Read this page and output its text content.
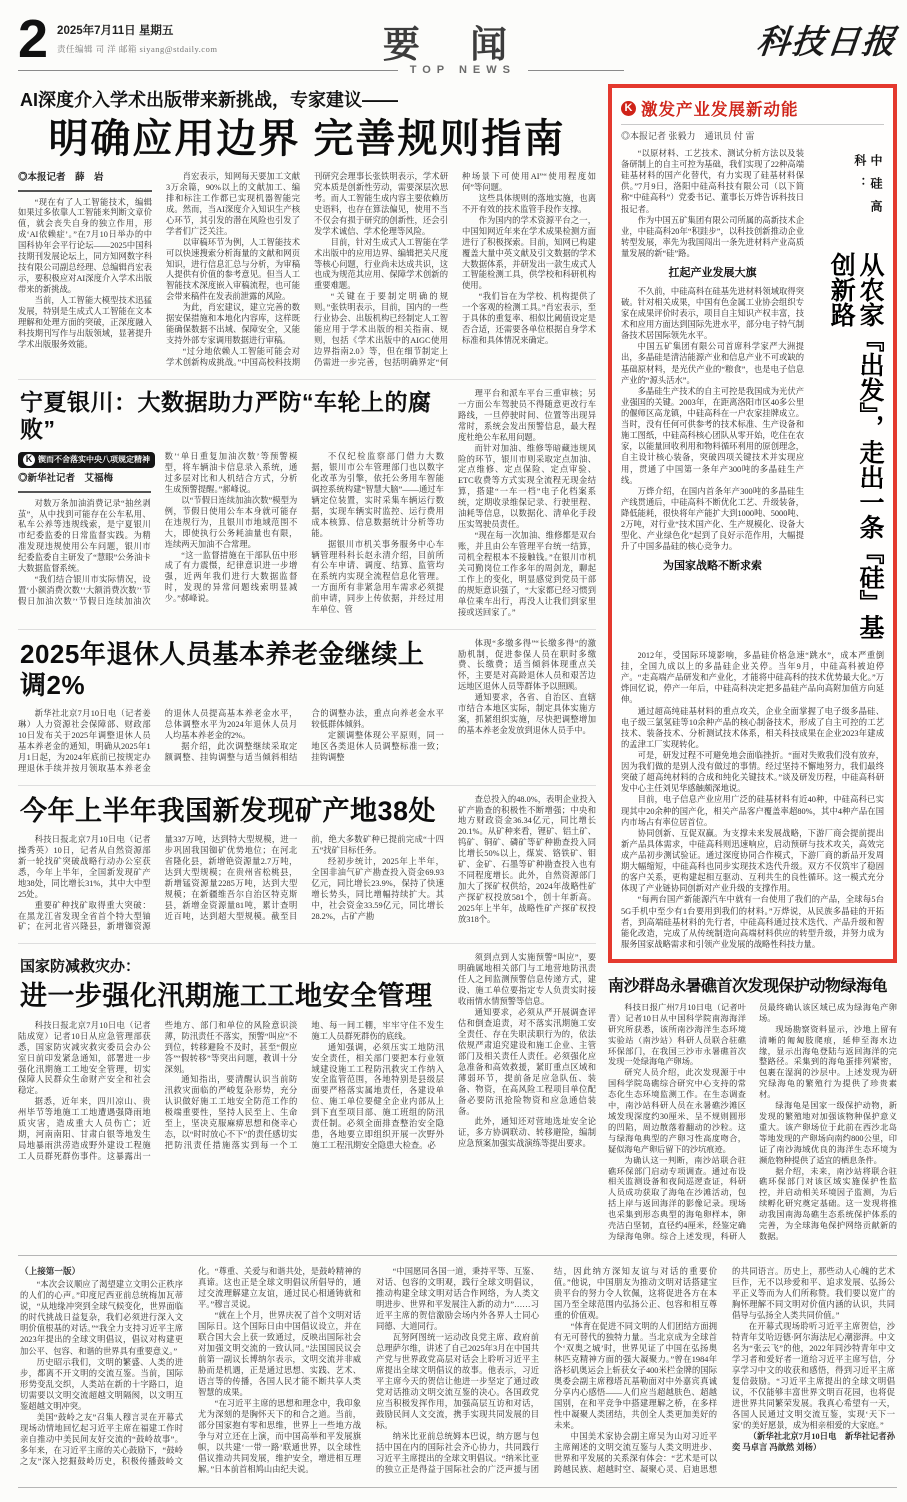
2 2025年7月11日 星期五
责任编辑 司 洋 邮箱 siyang@stdaily.com	要 闻	科技日报
TOP NEWS
AI深度介入学术出版带来新挑战，专家建议——
明确应用边界 完善规则指南
◎本报记者　薛　岩

“现在有了人工智能技术，编辑如果过多依靠人工智能来判断文章价值，就会丧失自身的独立作用，形成‘AI依赖症’。”在7月10日举办的中国科协年会平行论坛——2025中国科技期刊发展论坛上，同方知网数字科技有限公司副总经理、总编辑肖宏表示，要积极应对AI深度介入学术出版带来的新挑战。

当前，人工智能大模型技术迅猛发展，特别是生成式人工智能在文本理解和处理方面的突破，正深度融入科技期刊写作与出版领域，显著提升学术出版服务效能。

肖宏表示，知网每天要加工文献3万余篇，90%以上的文献加工、编排和标注工作都已实现机器智能完成。然而，当AI深度介入知识生产核心环节，其引发的潜在风险也引发了学者们广泛关注。

以审稿环节为例，人工智能技术可以快速搜索分析海量的文献和网页知识，进行信息汇总与分析，为审稿人提供有价值的参考意见。但当人工智能技术深度嵌入审稿流程，也可能会带来稿件在发表前泄露的风险。

为此，肖宏建议，建立完善的数据安保措施和本地化内容库，这样既能确保数据不出域、保障安全，又能支持外部专家调用数据进行审稿。

“过分地依赖人工智能可能会对学术创新构成挑战。”中国高校科技期刊研究会理事长张铁明表示，学术研究本质是创新性劳动，需要深层次思考。而人工智能生成内容主要依赖历史语料，也存在算法偏见，使用不当不仅会有损于研究的创新性，还会引发学术诚信、学术伦理等风险。

目前，针对生成式人工智能在学术出版中的应用边界、编辑把关尺度等核心问题，行业尚未达成共识，这也成为规范其应用、保障学术创新的重要难题。

“关键在于要制定明确的规则。”张铁明表示，目前，国内的一些行业协会、出版机构已经制定人工智能应用于学术出版的相关指南、规则，包括《学术出版中的AIGC使用边界指南2.0》等，但在细节制定上仍需进一步完善，包括明确界定“何种场景下可使用AI”“使用程度如何”等问题。

这些具体规则的落地实施，也离不开有效的技术监管手段作支撑。

作为国内的学术资源平台之一，中国知网近年来在学术成果检测方面进行了积极探索。目前，知网已构建覆盖大量中英文献及引文数据的学术大数据体系，并研发出一款生成式人工智能检测工具，供学校和科研机构使用。

“我们旨在为学校、机构提供了一个客观的检测工具。”肖宏表示，至于具体的重复率、相似比阈值设定是否合适，还需要各单位根据自身学术标准和具体情况来确定。

宁夏银川：大数据助力严防“车轮上的腐败”
K 锲而不舍落实中央八项规定精神
◎新华社记者　艾福梅

对数万条加油消费记录“抽丝剥茧”，从中找到可能存在公车私用、私车公养等违规线索，是宁夏银川市纪委监委的日常监督实践。为精准发现违规使用公车问题，银川市纪委监委自主研发了“慧眼”公务油卡大数据监督系统。

“我们结合银川市实际情况，设置‘小额消费次数’‘大额消费次数’‘节假日加油次数’‘节假日连续加油次数’‘单日重复加油次数’等预警模型，将车辆油卡信息录入系统，通过多层对比和人机结合方式，分析生成预警提醒。”郝峰说。

以“节假日连续加油次数”模型为例，节假日使用公车本身就可能存在违规行为，且银川市地域范围不大，即使执行公务耗油量也有限，连续两天加油不合常理。

“这一监督措施在干部队伍中形成了有力震慑，纪律意识进一步增强，近两年我们进行大数据监督时，发现的异常问题线索明显减少。”郝峰说。

不仅纪检监察部门借力大数据，银川市公车管理部门也以数字化改革为引擎，依托公务用车智能调控系统构建“智慧大脑”——通过车辆定位装置，实时采集车辆运行数据，实现车辆实时监控、运行费用成本核算、信息数据统计分析等功能。

据银川市机关事务服务中心车辆管理科科长赵永清介绍，目前所有公车申请、调度、结算、监管均在系统内实现全流程信息化管理。一方面所有非紧急用车需求必须提前申请，同步上传依据，并经过用车单位、管

理平台和派车平台三重审核；另一方面公车驾驶员不得随意更改行车路线，一旦停驶时间、位置等出现异常时，系统会发出预警信息，最大程度杜绝公车私用问题。

而针对加油、维修等暗藏违规风险的环节，银川市则采取定点加油、定点维修、定点保险、定点审验、ETC收费等方式实现全流程无现金结算，搭建“一车一档”电子化档案系统，定期收录维保记录、行驶里程、油耗等信息，以数据化、清单化手段压实驾驶员责任。

“现在每一次加油、维修都是双台账，并且由公车管理平台统一结算，司机全程根本不接触钱。”在银川市机关司勤岗位工作多年的周剑龙，聊起工作上的变化，明显感觉到党员干部的规矩意识强了，“大家都已经习惯到单位乘车出行，再没人让我们到家里接或送回家了。”

2025年退休人员基本养老金继续上调2%

新华社北京7月10日电（记者姜琳）人力资源社会保障部、财政部10日发布关于2025年调整退休人员基本养老金的通知，明确从2025年1月1日起，为2024年底前已按规定办理退休手续并按月领取基本养老金的退休人员提高基本养老金水平，总体调整水平为2024年退休人员月人均基本养老金的2%。

据介绍，此次调整继续采取定额调整、挂钩调整与适当倾斜相结合的调整办法，重点向养老金水平较低群体倾斜。

定额调整体现公平原则，同一地区各类退休人员调整标准一致；挂钩调整

体现“多缴多得”“长缴多得”的激励机制，促进参保人员在职时多缴费、长缴费；适当倾斜体现重点关怀，主要是对高龄退休人员和艰苦边远地区退休人员等群体予以照顾。

通知要求，各省、自治区、直辖市结合本地区实际，制定具体实施方案，抓紧组织实施，尽快把调整增加的基本养老金发放到退休人员手中。

今年上半年我国新发现矿产地38处

科技日报北京7月10日电（记者操秀英）10日，记者从自然资源部新一轮找矿突破战略行动办公室获悉，今年上半年，全国新发现矿产地38处，同比增长31%，其中大中型25处。

重要矿种找矿取得重大突破：在黑龙江省发现全省首个特大型铀矿；在河北省兴隆县，新增铷资源量337万吨，达到特大型规模，进一步巩固我国铷矿优势地位；在河北省隆化县，新增铯资源量2.7万吨，达到大型规模；在贵州省松桃县，新增锰资源量2285万吨，达到大型规模；在新疆维吾尔自治区特克斯县，新增金资源量81吨，累计查明近百吨，达到超大型规模。截至目前，绝大多数矿种已提前完成“十四五”找矿目标任务。

经初步统计，2025年上半年，全国非油气矿产勘查投入资金69.93亿元，同比增长23.9%，保持了快速增长势头，同比增幅持续扩大。其中，社会资金33.59亿元，同比增长28.2%，占矿产勘

查总投入的48.0%，表明企业投入矿产勘查的积极性不断增强；中央和地方财政资金36.34亿元，同比增长20.1%。从矿种来看，锂矿、铝土矿、钨矿、铜矿、磷矿等矿种勘查投入同比增长50%以上，煤炭、铬铁矿、钼矿、金矿、石墨等矿种勘查投入也有不同程度增长。此外，自然资源部门加大了探矿权供给，2024年战略性矿产探矿权投放581个，创十年新高。2025年上半年，战略性矿产探矿权投放318个。

国家防减救灾办：
进一步强化汛期施工工地安全管理

科技日报北京7月10日电（记者陆成宽）记者10日从应急管理部获悉，国家防灾减灾救灾委员会办公室日前印发紧急通知，部署进一步强化汛期施工工地安全管理，切实保障人民群众生命财产安全和社会稳定。

据悉，近年来，四川凉山、贵州毕节等地施工工地遭遇强降雨地质灾害，造成重大人员伤亡；近期，河南南阳、甘肃白银等地发生局地暴雨洪涝造成野外建设工程施工人员群死群伤事件。这暴露出一些地方、部门和单位的风险意识淡薄，防汛责任不落实，预警“叫应”不到位，转移避险不及时，甚至“假应答”“假转移”等突出问题，教训十分深刻。

通知指出，要清醒认识当前防汛救灾面临的严峻复杂形势，充分认识做好施工工地安全防范工作的极端重要性，坚持人民至上、生命至上，坚决克服麻痹思想和侥幸心态，以“时时放心不下”的责任感切实把防汛责任措施落实到每一个工地、每一间工棚，牢牢守住不发生施工人员群死群伤的底线。

通知强调，必须压实工地防汛安全责任，相关部门要把本行业领域建设施工工程防汛救灾工作纳入安全监管范围，各地特别是县级层面要严格落实属地责任，各建设单位、施工单位要健全企业内部从上到下直至项目部、施工班组的防汛责任制。必须全面排查整治安全隐患，各地要立即组织开展一次野外施工工程汛期安全隐患大检查。必

须到点到人实施预警“叫应”，要明确属地相关部门与工地营地防汛责任人之间监测预警信息传递方式，建设、施工单位要指定专人负责实时接收雨情水情预警等信息。

通知要求，必须从严开展调查评估和倒查追责，对不落实汛期施工安全责任、存在失职渎职行为的，依法依规严肃追究建设和施工企业、主管部门及相关责任人责任。必须强化应急准备和高效救援，紧盯重点区域和薄弱环节，提前备足应急队伍、装备、物资，在高风险工程项目单位配备必要防汛抢险物资和应急通信装备。

此外，通知还对营地选址安全论证，多方协调联动、转移避险，编制应急预案加强实战演练等提出要求。

K 激发产业发展新动能
◎本报记者 张毅力　通讯员 付 雷
中硅高科：
从农家『出发』，走出一条『硅』基创新路

“以原材料、工艺技术、测试分析方法以及装备研制上的自主可控为基础，我们实现了22种高端硅基材料的国产化替代，有力实现了硅基材料保供。”7月9日，洛阳中硅高科技有限公司（以下简称“中硅高科”）党委书记、董事长万烨告诉科技日报记者。

作为中国五矿集团有限公司所属的高新技术企业，中硅高科20年“积跬步”，以科技创新推动企业转型发展，率先为我国闯出一条先进材料产业高质量发展的新“硅”路。

扛起产业发展大旗

不久前，中硅高科在硅基先进材料领域取得突破。针对相关成果，中国有色金属工业协会组织专家在成果评价时表示，项目自主知识产权丰富，技术和应用方面达到国际先进水平，部分电子特气制备技术居国际领先水平。

中国五矿集团有限公司首席科学家严大洲提出，多晶硅是清洁能源产业和信息产业不可或缺的基础原材料，是光伏产业的“粮食”，也是电子信息产业的“源头活水”。

多晶硅生产技术的自主可控是我国成为光伏产业强国的关键。2003年，在距离洛阳市区40多公里的偃师区高龙镇，中硅高科在一户农家挂牌成立。当时，没有任何可供参考的技术标准、生产设备和施工图纸，中硅高科核心团队从零开始，吃住在农家，以能量回收利用和物料循环利用的原创理念，自主设计核心装备，突破四项关键技术并实现应用，贯通了中国第一条年产300吨的多晶硅生产线。

万烨介绍，在国内首条年产300吨的多晶硅生产线贯通后，中硅高科不断优化工艺、升级装备，降低能耗，很快将年产能扩大到1000吨、5000吨、2万吨，对行业“技术国产化、生产规模化、设备大型化、产业绿色化”起到了良好示范作用，大幅提升了中国多晶硅的核心竞争力。

为国家战略不断求索

2012年，受国际环境影响，多晶硅价格急速“跳水”，成本严重倒挂，全国九成以上的多晶硅企业关停。当年9月，中硅高科被迫停产。“走高端产品研发和产业化，才能将中硅高科的技术优势最大化。”万烨回忆说，停产一年后，中硅高科决定把多晶硅产品向高附加值方向延伸。

通过超高纯硅基材料的重点攻关，企业全面掌握了电子级多晶硅、电子级三氯氢硅等10余种产品的核心制备技术，形成了自主可控的工艺技术、装备技术、分析测试技术体系，相关科技成果在企业2023年建成的孟津工厂实现转化。

可是，研发过程不可避免地会面临挫折。“面对失败我们没有放弃，因为我们做的是别人没有做过的事情。经过坚持不懈地努力，我们最终突破了超高纯材料的合成和纯化关键技术。”谈及研发历程，中硅高科研发中心主任刘见华感触颇深地说。

目前，电子信息产业应用广泛的硅基材料有近40种，中硅高科已实现其中20余种的国产化，相关产品客户覆盖率超80%，其中4种产品在国内市场占有率位居首位。

协同创新、互促双赢。为支撑未来发展战略，下游厂商会提前提出新产品具体需求，中硅高科则迅速响应，启动预研与技术攻关，高效完成产品初步测试验证。通过深度协同合作模式，下游厂商的新品开发周期大幅缩短，中硅高科也同步实现技术迭代升级。双方不仅筑牢了稳固的客户关系，更构建起相互驱动、互利共生的良性循环。这一模式充分体现了产业链协同创新对产业升级的支撑作用。

“每两台国产新能源汽车中就有一台使用了我们的产品，全球每5台5G手机中至少有1台要用到我们的材料。”万烨说，从民族多晶硅的开拓者，到高端硅基材料的先行者，中硅高科通过技术迭代、产品升级和智能化改造，完成了从传统制造向高端材料供应的转型升级，并努力成为服务国家战略需求和引领产业发展的战略性科技力量。

南沙群岛永暑礁首次发现保护动物绿海龟

科技日报广州7月10日电（记者叶青）记者10日从中国科学院南海海洋研究所获悉，该所南沙海洋生态环境实验站（南沙站）科研人员联合驻礁环保部门，在我国三沙市永暑礁首次发现一处绿海龟产卵场。

研究人员介绍，此次发现源于中国科学院岛礁综合研究中心支持的常态化生态环境监测工作。在生态调查中，南沙站科研人员在永暑礁沙滩区域发现深度约30厘米、呈不规则圆形的凹陷，周边散落着翻动的沙粒。这与绿海龟典型的产卵习性高度吻合，疑似海龟产卵后留下的沙坑痕迹。

为确认这一判断，南沙站联合驻礁环保部门启动专项调查。通过布设相关监测设备和夜间巡逻查证，科研人员成功获取了海龟在沙滩活动，包括上岸与返回海洋的影像记录。现场也采集到形态典型的海龟卵样本，卵壳洁白坚韧，直径约4厘米，经鉴定确为绿海龟卵。综合上述发现，科研人员最终确认该区域已成为绿海龟产卵场。

现场勘察资料显示，沙地上留有清晰的匍匐肢爬痕，延伸至海水边缘，显示出海龟登陆与返回海洋的完整路径。采集到的海龟蛋排列紧密，包裹在湿润的沙层中。上述发现为研究绿海龟的繁殖行为提供了珍贵素材。

绿海龟是国家一级保护动物，新发现的繁殖地对加强该物种保护意义重大。该产卵场位于此前在西沙北岛等地发现的产卵场向南约800公里，印证了南沙海域优良的海洋生态环境为濒危物种提供了适宜的栖息条件。

据介绍，未来，南沙站将联合驻礁环保部门对该区域实施保护性监控，并启动相关环境因子监测，为后续孵化研究奠定基础。这一发现将推动我国南海岛礁生态系统保护体系的完善，为全球海龟保护网络贡献新的数据。

（上接第一版）

“本次会议顺应了渴望建立文明公正秩序的人们的心声。”印度尼西亚前总统梅加瓦蒂说，“从地缘冲突到全球气候变化，世界面临的时代挑战日益复杂，我们必须进行深入文明价值根基的对话。”“我全力支持习近平主席2023年提出的全球文明倡议，倡议对构建更加公平、包容、和谐的世界具有重要意义。”

历史昭示我们，文明的繁盛、人类的进步，都离不开文明的交流互鉴。当前，国际形势变乱交织，人类站在新的十字路口，迫切需要以文明交流超越文明隔阂，以文明互鉴超越文明冲突。

美国“鼓岭之友”召集人穆言灵在开幕式现场动情地回忆起习近平主席在福建工作时亲自推动中美民间友好交流的“鼓岭故事”。多年来，在习近平主席的关心鼓励下，“鼓岭之友”深入挖掘鼓岭历史，积极传播鼓岭文化。“尊重、关爱与和谐共处，是鼓岭精神的真谛。这也正是全球文明倡议所倡导的，通过交流理解建立友谊，通过民心相通铸就和平。”穆言灵说。

“就在上个月，世界庆祝了首个文明对话国际日。这个国际日由中国倡议设立，并在联合国大会上获一致通过，反映出国际社会对加强文明交流的一致认同。”法国国民议会前第一副议长博纳尔表示，文明交流并非威胁而是机遇，正是通过思想、实践、艺术、语言等的传播，各国人民才能不断共享人类智慧的成果。

“在习近平主席的思想和理念中，我印象尤为深刻的是胸怀天下的和合之道。当前，部分国家抱有零和思维，世界上一些地方战争与对立还在上演，而中国高举和平发展旗帜，以共建‘一带一路’联通世界，以全球性倡议推动共同发展，维护安全，增进相互理解。”日本前首相鸠山由纪夫说。

“中国愿同各国一道，秉持平等、互鉴、对话、包容的文明观，践行全球文明倡议，推动构建全球文明对话合作网络，为人类文明进步、世界和平发展注入新的动力”……习近平主席的贺信激励会场内外各界人士同心同德、大道同行。

瓦努阿图统一运动改良党主席、政府前总理萨尔维，讲述了自己2025年3月在中国共产党与世界政党高层对话会上聆听习近平主席提出全球文明倡议的故事。他表示，习近平主席今天的贺信让他进一步坚定了通过政党对话推动文明交流互鉴的决心。各国政党应当积极发挥作用，加强高层互访和对话，鼓励民间人文交流，携手实现共同发展的目标。

纳米比亚前总统姆本巴说，纳方愿与包括中国在内的国际社会齐心协力，共同践行习近平主席提出的全球文明倡议。“纳米比亚的独立正是得益于国际社会的广泛声援与团结，因此纳方深知友谊与对话的重要价值。”他说，中国朋友为推动文明对话搭建宝贵平台的努力令人钦佩，这将促进各方在本国乃至全球范围内弘扬公正、包容和相互尊重的价值观。

“体育在促进不同文明的人们团结方面拥有无可替代的独特力量。当北京成为全球首个‘双奥之城’时，世界见证了中国在弘扬奥林匹克精神方面的强大凝聚力。”曾在1984年洛杉矶奥运会上斩获女子400米栏金牌的国际奥委会副主席穆塔瓦基勒面对中外嘉宾真诚分享内心感悟——人们应当超越肤色、超越国别，在和平竞争中搭建理解之桥，在多样性中凝聚人类团结，共创全人类更加美好的未来。

中国美术家协会副主席吴为山对习近平主席阐述的文明交流互鉴与人类文明进步、世界和平发展的关系深有体会：“艺术是可以跨越民族、超越时空、凝聚心灵、启迪思想的共同语言。历史上，那些动人心魄的艺术巨作，无不以珍爱和平、追求发展、弘扬公平正义等而为人们所称赞。我们要以宽广的胸怀理解不同文明对价值内涵的认识，共同倡导与弘扬全人类共同价值。”

在开幕式现场聆听习近平主席贺信，沙特青年艾哈迈德·阿尔海法尼心潮澎湃。中文名为“张云飞”的他，2022年同沙特青年中文学习者和爱好者一道给习近平主席写信，分享学习中文的收获和感悟，得到习近平主席复信鼓励。“习近平主席提出的全球文明倡议，不仅能够丰富世界文明百花园，也将促进世界共同繁荣发展。我真心希望有一天，各国人民通过文明交流互鉴，实现‘天下一家’的美好愿景，成为相亲相爱的大家庭。”

（新华社北京7月10日电　新华社记者孙奕 马卓言 冯歆然 刘杨）
